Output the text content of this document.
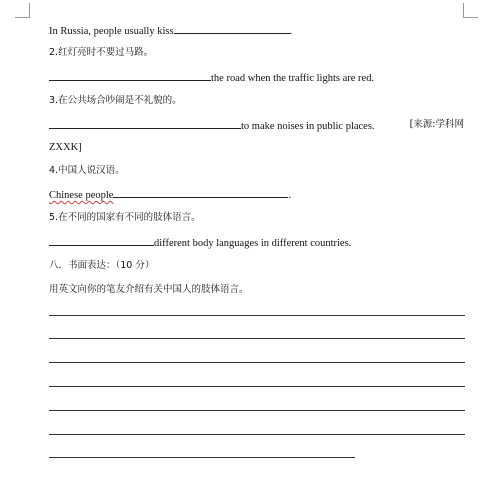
In Russia, people usually kiss	.
2.红灯亮时不要过马路。
the road when the traffic lights are red.
3.在公共场合吵闹是不礼貌的。
to make noises in public places.	[来源:学科网
ZXXK]
4.中国人说汉语。
Chinese people	.
5.在不同的国家有不同的肢体语言。
different body languages in different countries.
八．书面表达：（10 分）
用英文向你的笔友介绍有关中国人的肢体语言。
